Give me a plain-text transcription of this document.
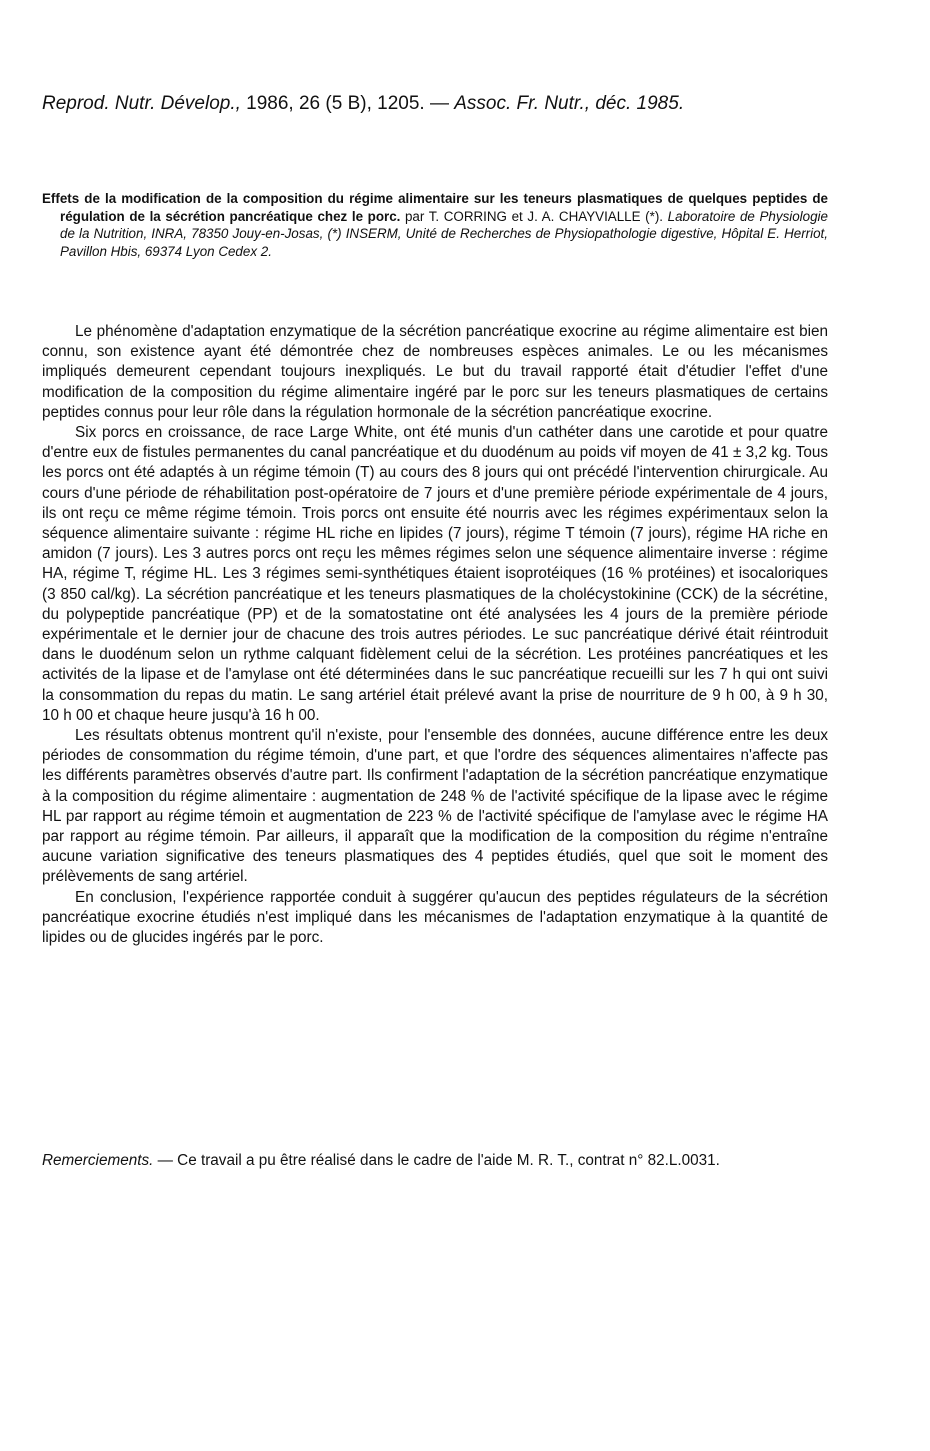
Reprod. Nutr. Dévelop., 1986, 26 (5 B), 1205. — Assoc. Fr. Nutr., déc. 1985.

Effets de la modification de la composition du régime alimentaire sur les teneurs plasmatiques de quelques peptides de régulation de la sécrétion pancréatique chez le porc. par T. CORRING et J. A. CHAYVIALLE (*). Laboratoire de Physiologie de la Nutrition, INRA, 78350 Jouy-en-Josas, (*) INSERM, Unité de Recherches de Physiopathologie digestive, Hôpital E. Herriot, Pavillon Hbis, 69374 Lyon Cedex 2.

Le phénomène d'adaptation enzymatique de la sécrétion pancréatique exocrine au régime alimentaire est bien connu, son existence ayant été démontrée chez de nombreuses espèces animales. Le ou les mécanismes impliqués demeurent cependant toujours inexpliqués. Le but du travail rapporté était d'étudier l'effet d'une modification de la composition du régime alimentaire ingéré par le porc sur les teneurs plasmatiques de certains peptides connus pour leur rôle dans la régulation hormonale de la sécrétion pancréatique exocrine.

Six porcs en croissance, de race Large White, ont été munis d'un cathéter dans une carotide et pour quatre d'entre eux de fistules permanentes du canal pancréatique et du duodénum au poids vif moyen de 41 ± 3,2 kg. Tous les porcs ont été adaptés à un régime témoin (T) au cours des 8 jours qui ont précédé l'intervention chirurgicale. Au cours d'une période de réhabilitation post-opératoire de 7 jours et d'une première période expérimentale de 4 jours, ils ont reçu ce même régime témoin. Trois porcs ont ensuite été nourris avec les régimes expérimentaux selon la séquence alimentaire suivante : régime HL riche en lipides (7 jours), régime T témoin (7 jours), régime HA riche en amidon (7 jours). Les 3 autres porcs ont reçu les mêmes régimes selon une séquence alimentaire inverse : régime HA, régime T, régime HL. Les 3 régimes semi-synthétiques étaient isoprotéiques (16 % protéines) et isocaloriques (3 850 cal/kg). La sécrétion pancréatique et les teneurs plasmatiques de la cholécystokinine (CCK) de la sécrétine, du polypeptide pancréatique (PP) et de la somatostatine ont été analysées les 4 jours de la première période expérimentale et le dernier jour de chacune des trois autres périodes. Le suc pancréatique dérivé était réintroduit dans le duodénum selon un rythme calquant fidèlement celui de la sécrétion. Les protéines pancréatiques et les activités de la lipase et de l'amylase ont été déterminées dans le suc pancréatique recueilli sur les 7 h qui ont suivi la consommation du repas du matin. Le sang artériel était prélevé avant la prise de nourriture de 9 h 00, à 9 h 30, 10 h 00 et chaque heure jusqu'à 16 h 00.

Les résultats obtenus montrent qu'il n'existe, pour l'ensemble des données, aucune différence entre les deux périodes de consommation du régime témoin, d'une part, et que l'ordre des séquences alimentaires n'affecte pas les différents paramètres observés d'autre part. Ils confirment l'adaptation de la sécrétion pancréatique enzymatique à la composition du régime alimentaire : augmentation de 248 % de l'activité spécifique de la lipase avec le régime HL par rapport au régime témoin et augmentation de 223 % de l'activité spécifique de l'amylase avec le régime HA par rapport au régime témoin. Par ailleurs, il apparaît que la modification de la composition du régime n'entraîne aucune variation significative des teneurs plasmatiques des 4 peptides étudiés, quel que soit le moment des prélèvements de sang artériel.

En conclusion, l'expérience rapportée conduit à suggérer qu'aucun des peptides régulateurs de la sécrétion pancréatique exocrine étudiés n'est impliqué dans les mécanismes de l'adaptation enzymatique à la quantité de lipides ou de glucides ingérés par le porc.

Remerciements. — Ce travail a pu être réalisé dans le cadre de l'aide M. R. T., contrat n° 82.L.0031.
